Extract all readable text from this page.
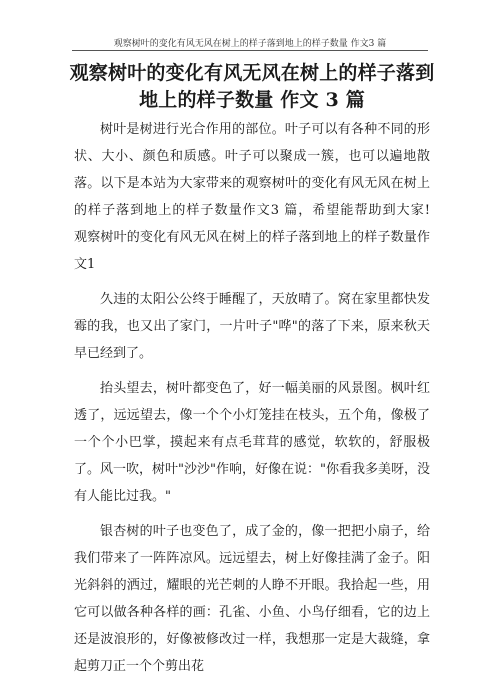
观察树叶的变化有风无风在树上的样子落到地上的样子数量 作文3 篇
观察树叶的变化有风无风在树上的样子落到地上的样子数量 作文 3 篇

树叶是树进行光合作用的部位。叶子可以有各种不同的形状、大小、颜色和质感。叶子可以聚成一簇，也可以遍地散落。以下是本站为大家带来的观察树叶的变化有风无风在树上的样子落到地上的样子数量作文3 篇，希望能帮助到大家!　　观察树叶的变化有风无风在树上的样子落到地上的样子数量作文1

久违的太阳公公终于睡醒了，天放晴了。窝在家里都快发霉的我，也又出了家门，一片叶子"哗"的落了下来，原来秋天早已经到了。

抬头望去，树叶都变色了，好一幅美丽的风景图。枫叶红透了，远远望去，像一个个小灯笼挂在枝头，五个角，像极了一个个小巴掌，摸起来有点毛茸茸的感觉，软软的，舒服极了。风一吹，树叶"沙沙"作响，好像在说："你看我多美呀，没有人能比过我。"

银杏树的叶子也变色了，成了金的，像一把把小扇子，给我们带来了一阵阵凉风。远远望去，树上好像挂满了金子。阳光斜斜的洒过，耀眼的光芒刺的人睁不开眼。我拾起一些，用它可以做各种各样的画：孔雀、小鱼、小鸟仔细看，它的边上还是波浪形的，好像被修改过一样，我想那一定是大裁缝，拿起剪刀正一个个剪出花
